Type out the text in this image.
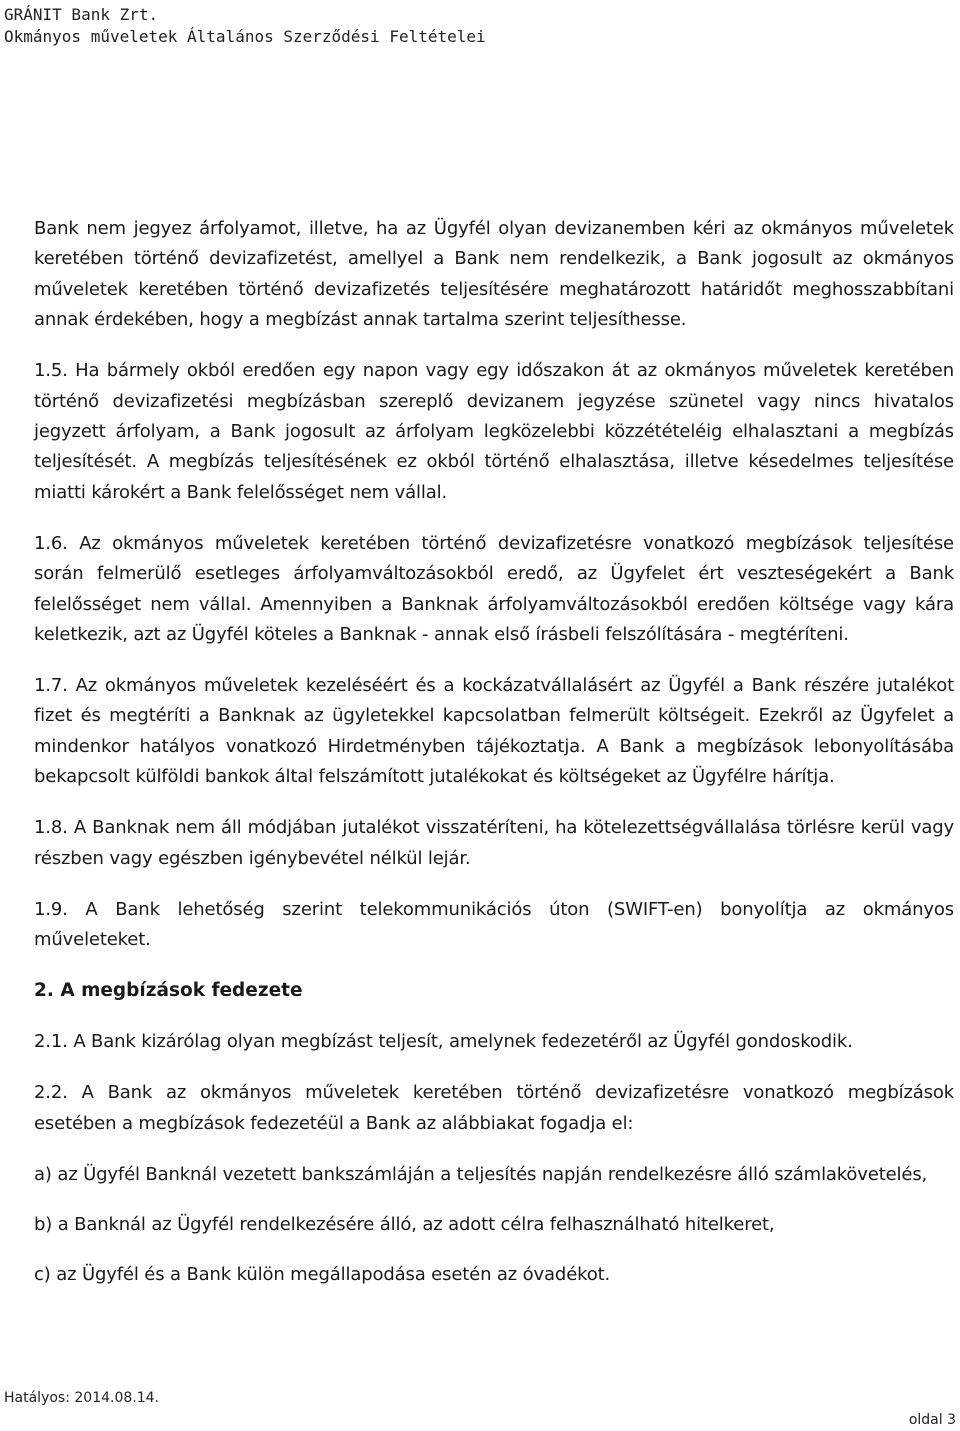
GRÁNIT Bank Zrt.
Okmányos műveletek Általános Szerződési Feltételei

Bank nem jegyez árfolyamot, illetve, ha az Ügyfél olyan devizanemben kéri az okmányos műveletek keretében történő devizafizetést, amellyel a Bank nem rendelkezik, a Bank jogosult az okmányos műveletek keretében történő devizafizetés teljesítésére meghatározott határidőt meghosszabbítani annak érdekében, hogy a megbízást annak tartalma szerint teljesíthesse.

1.5. Ha bármely okból eredően egy napon vagy egy időszakon át az okmányos műveletek keretében történő devizafizetési megbízásban szereplő devizanem jegyzése szünetel vagy nincs hivatalos jegyzett árfolyam, a Bank jogosult az árfolyam legközelebbi közzétételéig elhalasztani a megbízás teljesítését. A megbízás teljesítésének ez okból történő elhalasztása, illetve késedelmes teljesítése miatti károkért a Bank felelősséget nem vállal.

1.6. Az okmányos műveletek keretében történő devizafizetésre vonatkozó megbízások teljesítése során felmerülő esetleges árfolyamváltozásokból eredő, az Ügyfelet ért veszteségekért a Bank felelősséget nem vállal. Amennyiben a Banknak árfolyamváltozásokból eredően költsége vagy kára keletkezik, azt az Ügyfél köteles a Banknak - annak első írásbeli felszólítására - megtéríteni.

1.7. Az okmányos műveletek kezeléséért és a kockázatvállalásért az Ügyfél a Bank részére jutalékot fizet és megtéríti a Banknak az ügyletekkel kapcsolatban felmerült költségeit. Ezekről az Ügyfelet a mindenkor hatályos vonatkozó Hirdetményben tájékoztatja. A Bank a megbízások lebonyolításába bekapcsolt külföldi bankok által felszámított jutalékokat és költségeket az Ügyfélre hárítja.

1.8. A Banknak nem áll módjában jutalékot visszatéríteni, ha kötelezettségvállalása törlésre kerül vagy részben vagy egészben igénybevétel nélkül lejár.

1.9. A Bank lehetőség szerint telekommunikációs úton (SWIFT-en) bonyolítja az okmányos műveleteket.

2. A megbízások fedezete

2.1. A Bank kizárólag olyan megbízást teljesít, amelynek fedezetéről az Ügyfél gondoskodik.

2.2. A Bank az okmányos műveletek keretében történő devizafizetésre vonatkozó megbízások esetében a megbízások fedezetéül a Bank az alábbiakat fogadja el:

a) az Ügyfél Banknál vezetett bankszámláján a teljesítés napján rendelkezésre álló számlakövetelés,

b) a Banknál az Ügyfél rendelkezésére álló, az adott célra felhasználható hitelkeret,

c) az Ügyfél és a Bank külön megállapodása esetén az óvadékot.

Hatályos: 2014.08.14.
oldal 3
